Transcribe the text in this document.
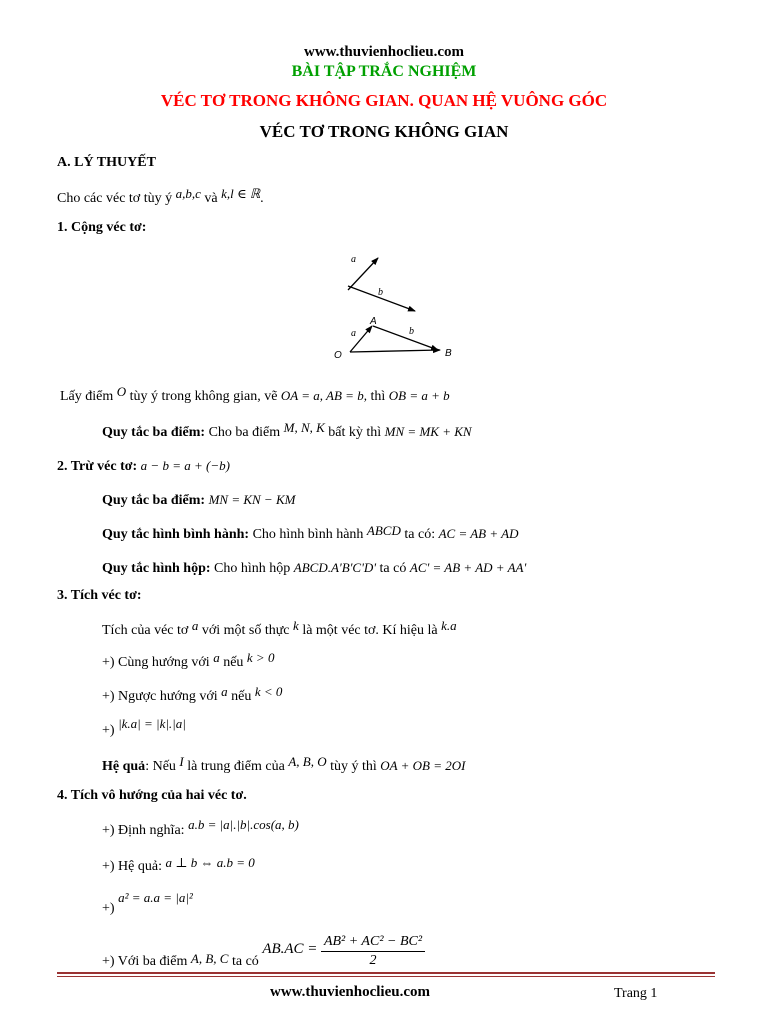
www.thuvienhoclieu.com
BÀI TẬP TRẮC NGHIỆM
VÉC TƠ TRONG KHÔNG GIAN. QUAN HỆ VUÔNG GÓC
VÉC TƠ TRONG KHÔNG GIAN
A. LÝ THUYẾT
Cho các véc tơ tùy ý a,b,c và k,l ∈ ℝ.
1. Cộng véc tơ:
a
b
A
a	b
O	B
Lấy điểm O tùy ý trong không gian, vẽ OA = a, AB = b, thì OB = a + b
Quy tắc ba điểm: Cho ba điểm M, N, K bất kỳ thì MN = MK + KN
2. Trừ véc tơ: a − b = a + (−b)
Quy tắc ba điểm: MN = KN − KM
Quy tắc hình bình hành: Cho hình bình hành ABCD ta có: AC = AB + AD
Quy tắc hình hộp: Cho hình hộp ABCD.A'B'C'D' ta có AC' = AB + AD + AA'
3. Tích véc tơ:
Tích của véc tơ a với một số thực k là một véc tơ. Kí hiệu là k.a
+) Cùng hướng với a nếu k > 0
+) Ngược hướng với a nếu k < 0
+) |k.a| = |k|.|a|
Hệ quả: Nếu I là trung điểm của A, B, O tùy ý thì OA + OB = 2OI
4. Tích vô hướng của hai véc tơ.
+) Định nghĩa: a.b = |a|.|b|.cos(a, b)
+) Hệ quả: a ⊥ b ⇔ a.b = 0
+) a² = a.a = |a|²
+) Với ba điểm A, B, C ta có $AB.AC = \frac{\text{AB² + AC² − BC²}}{2}$
www.thuvienhoclieu.com	Trang 1
